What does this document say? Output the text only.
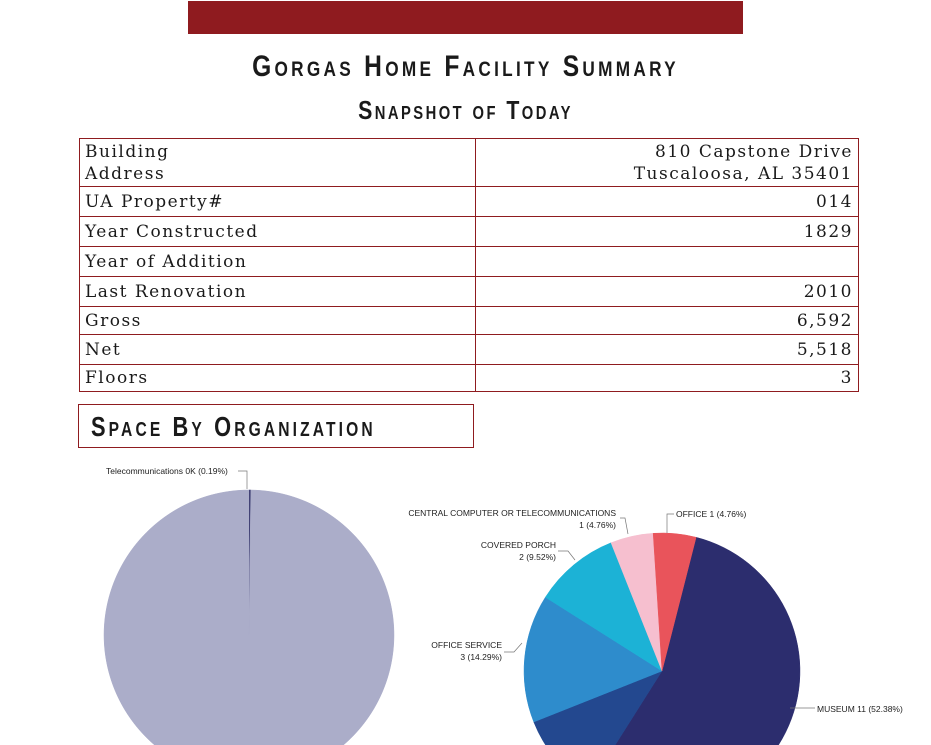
Gorgas Home Facility Summary
Snapshot of Today
Building Address	810 Capstone Drive
Tuscaloosa, AL 35401

UA Property#	014
Year Constructed	1829
Year of Addition	
Last Renovation	2010
Gross	6,592
Net	5,518
Floors	3
Space By Organization
Telecommunications 0K (0.19%)
MUSEUM 11 (52.38%)
OFFICE SERVICE
3 (14.29%)
COVERED PORCH
2 (9.52%)
CENTRAL COMPUTER OR TELECOMMUNICATIONS
1 (4.76%)
OFFICE 1 (4.76%)
